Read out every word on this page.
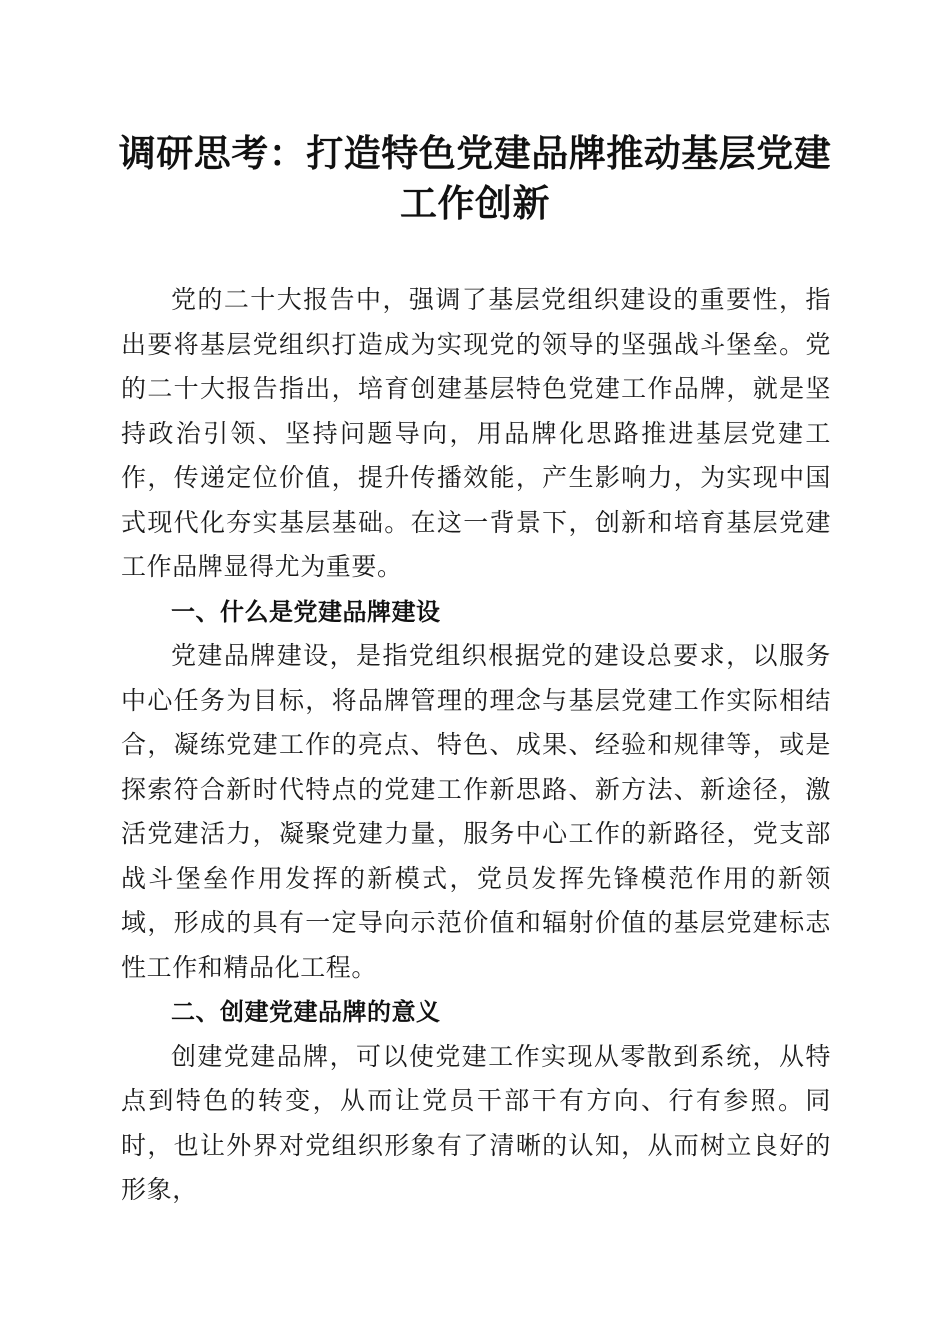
调研思考：打造特色党建品牌推动基层党建工作创新

党的二十大报告中，强调了基层党组织建设的重要性，指出要将基层党组织打造成为实现党的领导的坚强战斗堡垒。党的二十大报告指出，培育创建基层特色党建工作品牌，就是坚持政治引领、坚持问题导向，用品牌化思路推进基层党建工作，传递定位价值，提升传播效能，产生影响力，为实现中国式现代化夯实基层基础。在这一背景下，创新和培育基层党建工作品牌显得尤为重要。

一、什么是党建品牌建设

党建品牌建设，是指党组织根据党的建设总要求，以服务中心任务为目标，将品牌管理的理念与基层党建工作实际相结合，凝练党建工作的亮点、特色、成果、经验和规律等，或是探索符合新时代特点的党建工作新思路、新方法、新途径，激活党建活力，凝聚党建力量，服务中心工作的新路径，党支部战斗堡垒作用发挥的新模式，党员发挥先锋模范作用的新领域，形成的具有一定导向示范价值和辐射价值的基层党建标志性工作和精品化工程。

二、创建党建品牌的意义

创建党建品牌，可以使党建工作实现从零散到系统，从特点到特色的转变，从而让党员干部干有方向、行有参照。同时，也让外界对党组织形象有了清晰的认知，从而树立良好的形象，
